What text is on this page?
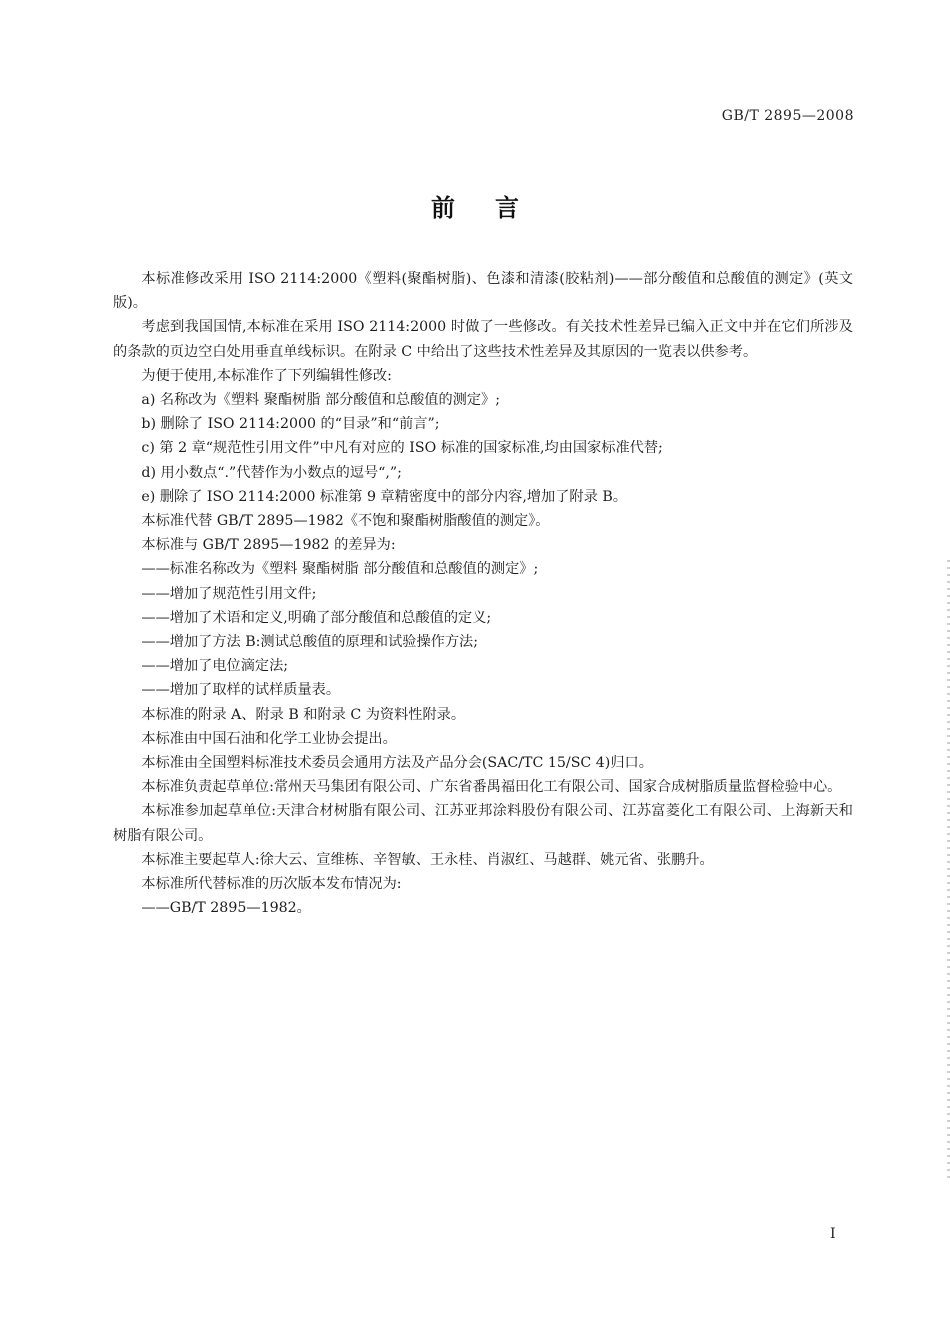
GB/T 2895—2008
前言

本标准修改采用 ISO 2114:2000《塑料(聚酯树脂)、色漆和清漆(胶粘剂)——部分酸值和总酸值的测定》(英文版)。

考虑到我国国情,本标准在采用 ISO 2114:2000 时做了一些修改。有关技术性差异已编入正文中并在它们所涉及的条款的页边空白处用垂直单线标识。在附录 C 中给出了这些技术性差异及其原因的一览表以供参考。

为便于使用,本标准作了下列编辑性修改:

a) 名称改为《塑料 聚酯树脂 部分酸值和总酸值的测定》;

b) 删除了 ISO 2114:2000 的“目录”和“前言”;

c) 第 2 章“规范性引用文件”中凡有对应的 ISO 标准的国家标准,均由国家标准代替;

d) 用小数点“.”代替作为小数点的逗号“,”;

e) 删除了 ISO 2114:2000 标准第 9 章精密度中的部分内容,增加了附录 B。

本标准代替 GB/T 2895—1982《不饱和聚酯树脂酸值的测定》。

本标准与 GB/T 2895—1982 的差异为:

——标准名称改为《塑料 聚酯树脂 部分酸值和总酸值的测定》;

——增加了规范性引用文件;

——增加了术语和定义,明确了部分酸值和总酸值的定义;

——增加了方法 B:测试总酸值的原理和试验操作方法;

——增加了电位滴定法;

——增加了取样的试样质量表。

本标准的附录 A、附录 B 和附录 C 为资料性附录。

本标准由中国石油和化学工业协会提出。

本标准由全国塑料标准技术委员会通用方法及产品分会(SAC/TC 15/SC 4)归口。

本标准负责起草单位:常州天马集团有限公司、广东省番禺福田化工有限公司、国家合成树脂质量监督检验中心。

本标准参加起草单位:天津合材树脂有限公司、江苏亚邦涂料股份有限公司、江苏富菱化工有限公司、上海新天和树脂有限公司。

本标准主要起草人:徐大云、宣维栋、辛智敏、王永桂、肖淑红、马越群、姚元省、张鹏升。

本标准所代替标准的历次版本发布情况为:

——GB/T 2895—1982。

I
